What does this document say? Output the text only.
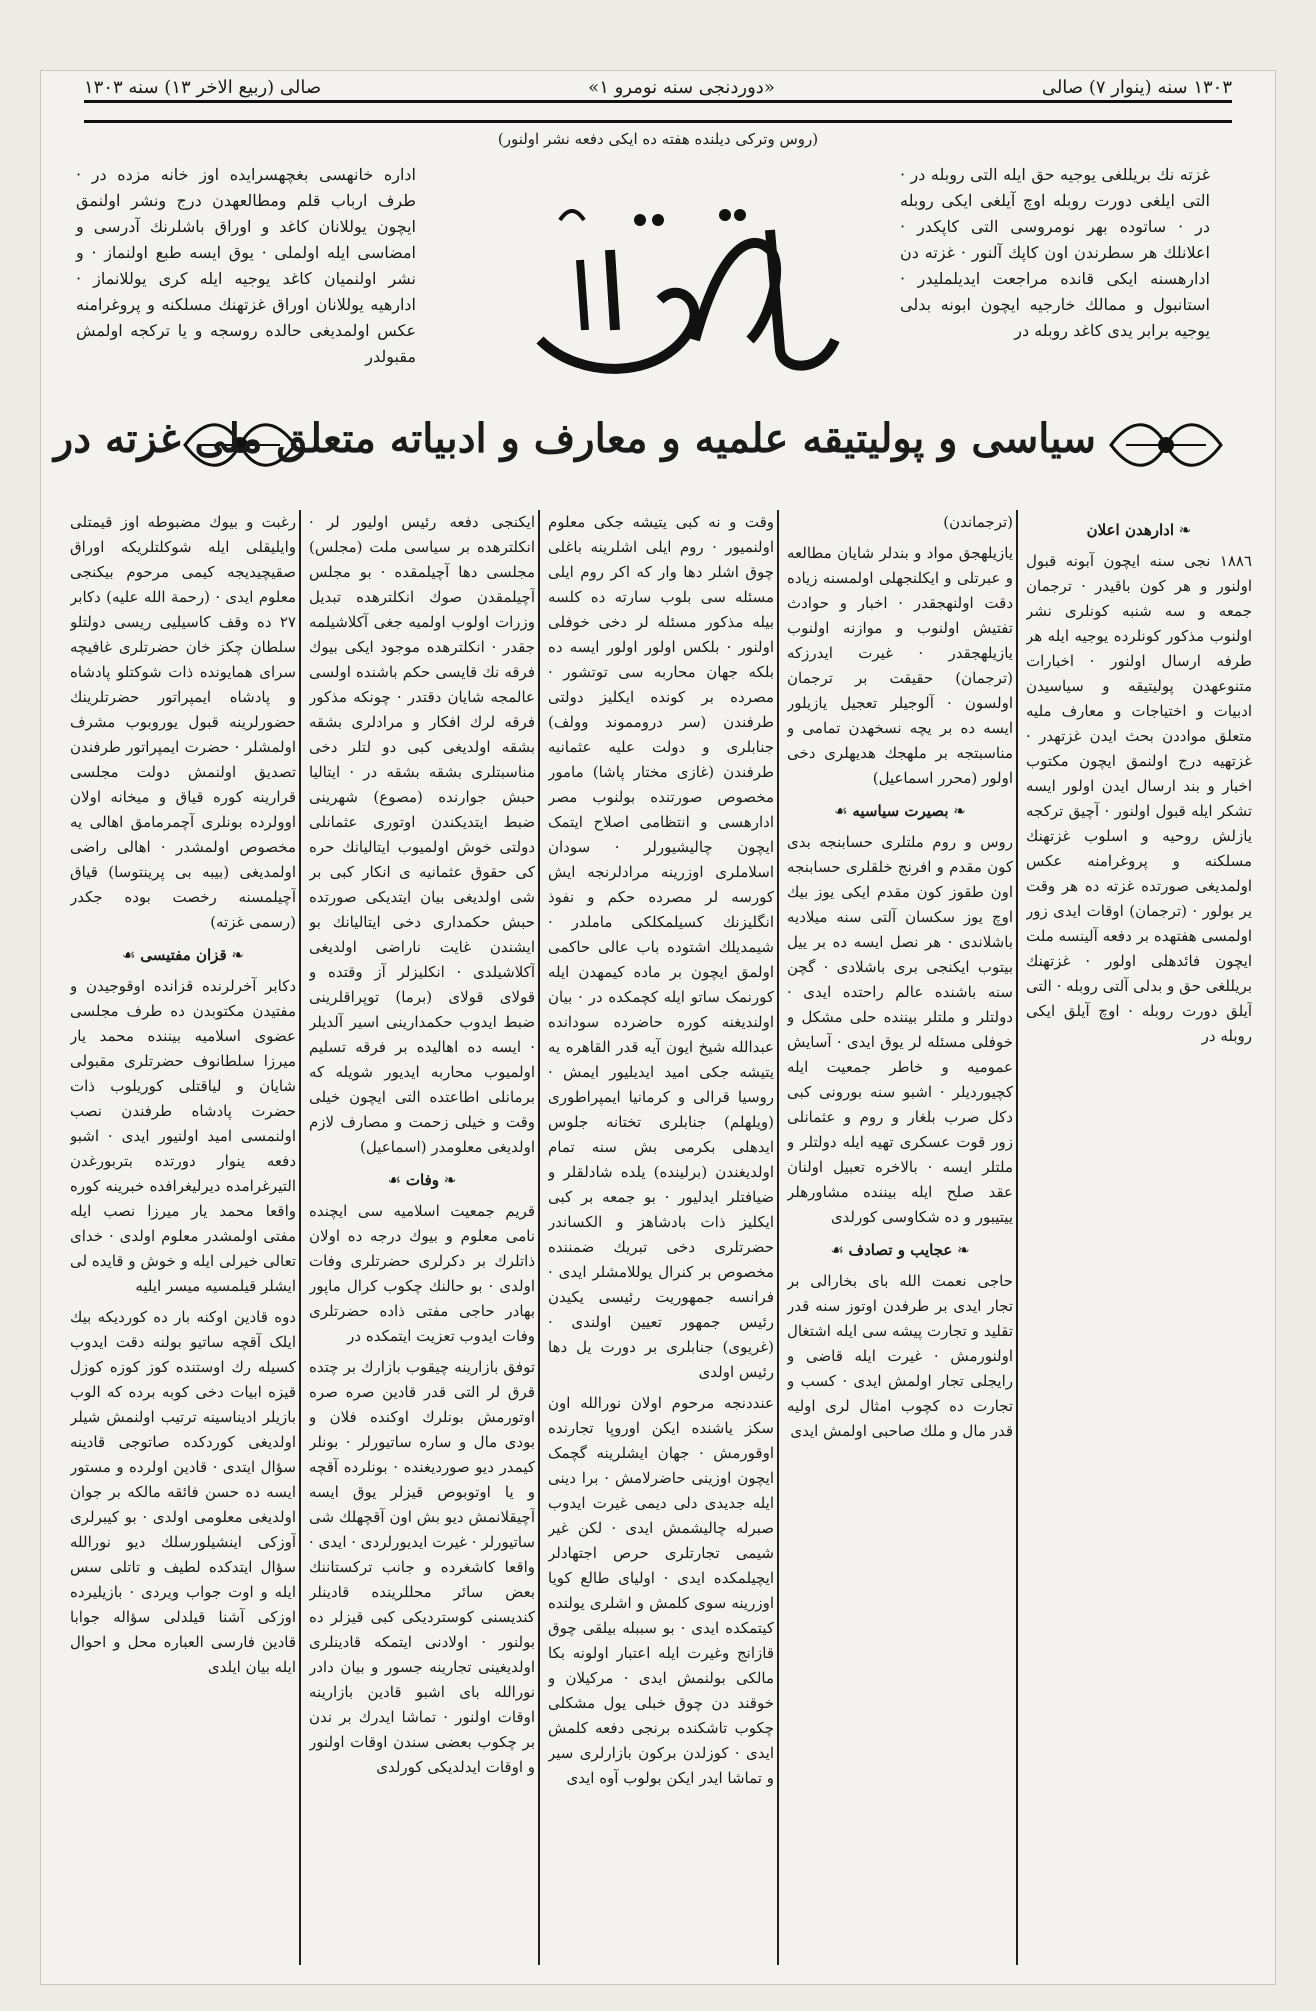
١٣٠٣ سنه (ينوار ٧) صالی
«دوردنجی سنه نومرو ١»
صالی (ربيع الاخر ١٣) سنه ١٣٠٣
(روس وترکی دیلنده هفته ده ایکی دفعه نشر اولنور)
غزته نك بریللغی یوجیه حق ایله التی روبله در · التی ایلغی دورت روبله اوچ آیلغی ایکی روبله در · ساتوده بهر نومروسی التی کاپکدر · اعلانلك هر سطرندن اون کاپك آلنور · غزته دن ادارهسنه ایکی قانده مراجعت ایدیلملیدر · استانبول و ممالك خارجیه ایچون ابونه بدلی یوجیه برابر یدی کاغد روبله در
اداره خانهسی بغچهسرایده اوز خانه مزده در · طرف ارباب قلم ومطالعهدن درج ونشر اولنمق ایچون یوللانان کاغد و اوراق باشلرنك آدرسی و امضاسی ایله اولملی · یوق ایسه طبع اولنماز · و نشر اولنمیان کاغد یوجیه ایله کری یوللانماز · ادارهیه یوللانان اوراق غزتهنك مسلکنه و پروغرامنه عکس اولمدیغی حالده روسجه و یا ترکجه اولمش مقبولدر
سیاسی و پولیتیقه علمیه و معارف و ادبیاته متعلق ملی غزته در
❧ ادارهدن اعلان

١٨٨٦ نجی سنه ایچون آبونه قبول اولنور و هر کون باقیدر · ترجمان جمعه و سه شنبه کونلری نشر اولنوب مذکور کونلرده یوجیه ایله هر طرفه ارسال اولنور · اخبارات متنوعهدن پولیتیقه و سیاسیدن ادبیات و اختیاجات و معارف ملیه متعلق مواددن بحث ایدن غزتهدر · غزتهیه درج اولنمق ایچون مکتوب اخبار و بند ارسال ایدن اولور ایسه تشکر ایله قبول اولنور · آچیق ترکجه یازلش روحیه و اسلوب غزتهنك مسلکنه و پروغرامنه عکس اولمدیغی صورتده غزته ده هر وقت یر بولور · (ترجمان) اوقات ایدی زور اولمسی هفتهده بر دفعه آلینسه ملت ایچون فائدهلی اولور · غزتهنك بریللغی حق و بدلی آلتی روبله · التی آیلق دورت روبله · اوچ آیلق ایکی روبله در

(ترجماندن)

یازیلهجق مواد و بندلر شایان مطالعه و عبرتلی و ایکلنجهلی اولمسنه زیاده دقت اولنهجقدر · اخبار و حوادث تفتیش اولنوب و موازنه اولنوب یازیلهجقدر · غیرت ایدرزکه (ترجمان) حقیقت بر ترجمان اولسون · آلوجیلر تعجیل یازیلور ایسه ده بر یچه نسخهدن تمامی و مناسبتجه بر ملهجك هدیهلری دخی اولور (محرر اسماعیل)

❧ بصیرت سیاسیه ☙

روس و روم ملتلری حسابنجه بدی کون مقدم و افرنج خلقلری حسابنجه اون طقوز کون مقدم ایکی یوز بیك اوچ یوز سکسان آلتی سنه میلادیه باشلاندی · هر نصل ایسه ده بر ییل بیتوب ایکنجی بری باشلادی · گچن سنه باشنده عالم راحتده ایدی · دولتلر و ملتلر بیننده حلی مشکل و خوفلی مسئله لر یوق ایدی · آسایش عمومیه و خاطر جمعیت ایله کچیوردیلر · اشبو سنه بورونی کبی دکل صرب بلغار و روم و عثمانلی زور قوت عسکری تهیه ایله دولتلر و ملتلر ایسه · بالاخره تعبیل اولنان عقد صلح ایله بیننده مشاورهلر ییتیبور و ده شکاوسی کورلدی

❧ عجایب و تصادف ☙

حاجی نعمت الله بای بخارالی بر تجار ایدی بر طرفدن اوتوز سنه قدر تقلید و تجارت پیشه سی ایله اشتغال اولنورمش · غیرت ایله قاضی و رایجلی تجار اولمش ایدی · کسب و تجارت ده کچوب امثال لری اولیه قدر مال و ملك صاحبی اولمش ایدی

وقت و نه کبی یتیشه جکی معلوم اولنمیور · روم ایلی اشلرینه باغلی چوق اشلر دها وار که اکر روم ایلی مسئله سی بلوب سارته ده کلسه بیله مذکور مسئله لر دخی خوفلی اولنور · بلکس اولور اولور ایسه ده بلکه جهان محاربه سی توتشور · مصرده بر کونده ایکلیز دولتی طرفندن (سر درومموند وولف) جنابلری و دولت علیه عثمانیه طرفندن (غازی مختار پاشا) مامور مخصوص صورتنده بولنوب مصر ادارهسی و انتظامی اصلاح ایتمک ایچون چالیشیورلر · سودان اسلاملری اوزرینه مرادلرنجه ایش کورسه لر مصرده حکم و نفوذ انگلیزنك کسیلمکلکی ماملدر · شیمدیلك اشتوده باب عالی حاکمی اولمق ایچون بر ماده کیمهدن ایله کورنمک ساتو ایله کچمکده در · بیان اولندیغنه کوره حاضرده سودانده عبدالله شیخ ایون آیه قدر القاهره یه یتیشه جکی امید ایدیلیور ایمش · روسیا قرالی و کرمانیا ایمپراطوری (ویلهلم) جنابلری تختانه جلوس ایدهلی بکرمی بش سنه تمام اولدیغندن (برلینده) یلده شادلقلر و ضیافتلر ایدلیور · بو جمعه بر کبی ایکلیز ذات بادشاهز و الکساندر حضرتلری دخی تبریك ضمننده مخصوص بر کنرال یوللامشلر ایدی · فرانسه جمهوریت رئیسی یکیدن رئیس جمهور تعیین اولندی · (غریوی) جنابلری بر دورت یل دها رئیس اولدی

عنددنجه مرحوم اولان نورالله اون سکز یاشنده ایکن اوروپا تجارنده اوقورمش · جهان ایشلرینه گچمک ایچون اوزینی حاضرلامش · برا دینی ایله جدیدی دلی دیمی غیرت ایدوب صبرله چالیشمش ایدی · لکن غیر شیمی تجارتلری حرص اجتهادلر ایچیلمکده ایدی · اولیای طالع کویا اوزرینه سوی کلمش و اشلری یولنده کیتمکده ایدی · بو سببله بیلقی چوق قازانج وغیرت ایله اعتبار اولونه بکا مالکی بولنمش ایدی · مرکیلان و خوقند دن چوق خبلی یول مشکلی چکوب تاشکنده برنجی دفعه کلمش ایدی · کوزلدن برکون بازارلری سیر و تماشا ایدر ایکن بولوب آوه ایدی

ایکنجی دفعه رئیس اولیور لر · انکلترهده بر سیاسی ملت (مجلس) مجلسی دها آچیلمقده · بو مجلس آچیلمقدن صوك انکلترهده تبدیل وزرات اولوب اولمیه جغی آکلاشیلمه جقدر · انکلترهده موجود ایکی بیوك فرقه نك قایسی حکم باشنده اولسی عالمجه شایان دقتدر · چونکه مذکور فرقه لرك افکار و مرادلری بشقه بشقه اولدیغی کبی دو لتلر دخی مناسبتلری بشقه بشقه در · ایتالیا حبش جوارنده (مصوع) شهرینی ضبط ایتدیکندن اوتوری عثمانلی دولتی خوش اولمیوب ایتالیانك حره کی حقوق عثمانیه ی انکار کبی بر شی اولدیغی بیان ایتدیکی صورتده حبش حکمداری دخی ایتالیانك بو ایشندن غایت ناراضی اولدیغی آکلاشیلدی · انکلیزلر آز وقتده و قولای قولای (برما) توپراقلرینی ضبط ایدوب حکمدارینی اسیر آلدیلر · ایسه ده اهالیده بر فرقه تسلیم اولمیوب محاربه ایدیور شویله که برمانلی اطاعتده التی ایچون خیلی وقت و خیلی زحمت و مصارف لازم اولدیغی معلومدر (اسماعیل)

❧ وفات ☙

قریم جمعیت اسلامیه سی ایچنده نامی معلوم و بیوك درجه ده اولان ذاتلرك بر دکرلری حضرتلری وفات اولدی · بو حالنك چکوب کرال ماپور بهادر حاجی مفتی ذاده حضرتلری وفات ایدوب تعزیت ایتمکده در

توفق بازارینه چیقوب بازارك بر چتده قرق لر التی قدر قادین صره صره اوتورمش بونلرك اوکنده فلان و بودی مال و ساره ساتیورلر · بونلر کیمدر دیو صوردیغنده · بونلرده آقچه و یا اوتوبوص قیزلر یوق ایسه آچیقلانمش دیو بش اون آقچهلك شی ساتیورلر · غیرت ایدیورلردی · ایدی · واقعا کاشغرده و جانب ترکستاننك بعض سائر محللرینده قادینلر کندیسنی کوستردیکی کبی قیزلر ده بولنور · اولادنی ایتمکه قادینلری اولدیغینی تجارینه جسور و بیان دادر نورالله بای اشبو قادین بازارینه اوقات اولنور · تماشا ایدرك بر ندن بر چکوب بعضی سندن اوقات اولنور و اوقات ایدلدیکی کورلدی

رغبت و بیوك مضبوطه اوز قیمتلی وایلیقلی ایله شوکلتلریکه اوراق صقیچیدیجه کیمی مرحوم بیکنجی معلوم ایدی · (رحمة الله علیه) دکابر ٢٧ ده وقف کاسیلیی ریسی دولتلو سلطان چکز خان حضرتلری غافیچه سرای همایونده ذات شوکتلو پادشاه و پادشاه ایمپراتور حضرتلرینك حضورلرینه قبول یوروبوب مشرف اولمشلر · حضرت ایمپراتور طرفندن تصدیق اولنمش دولت مجلسی قرارینه کوره قیاق و میخانه اولان اوولرده بونلری آچمرمامق اهالی یه مخصوص اولمشدر · اهالی راضی اولمدیغی (بیبه بی پرینتوسا) قیاق آچیلمسنه رخصت بوده جکدر (رسمی غزته)

❧ قزان مفتیسی ☙

دکابر آخرلرنده قزانده اوقوجیدن و مفتیدن مکتوبدن ده طرف مجلسی عضوی اسلامیه بیننده محمد یار میرزا سلطانوف حضرتلری مقبولی شایان و لیاقتلی کوریلوب ذات حضرت پادشاه طرفندن نصب اولنمسی امید اولنیور ایدی · اشبو دفعه ینوار دورتده بتربورغدن التیرغرامده دیرلیغرافده خبرینه کوره واقعا محمد یار میرزا نصب ایله مفتی اولمشدر معلوم اولدی · خدای تعالی خیرلی ایله و خوش و قایده لی ایشلر قیلمسیه میسر ایلیه

دوه قادین اوکنه بار ده کوردیکه بیك ایلک آقچه ساتیو بولنه دقت ایدوب کسیله رك اوستنده کوز کوزه کوزل قیزه ابیات دخی کوبه برده که الوب بازیلر ادیناسینه ترتیب اولنمش شیلر اولدیغی کوردکده صاتوجی قادینه سؤال ایتدی · قادین اولرده و مستور ایسه ده حسن فائقه مالکه بر جوان اولدیغی معلومی اولدی · بو کیبرلری آوزکی اینشیلورسلك دیو نورالله سؤال ایتدکده لطیف و تاتلی سس ایله و اوت جواب ویردی · بازیلیرده اوزکی آشنا قیلدلی سؤاله جوابا قادین فارسی العباره محل و احوال ایله بیان ایلدی
